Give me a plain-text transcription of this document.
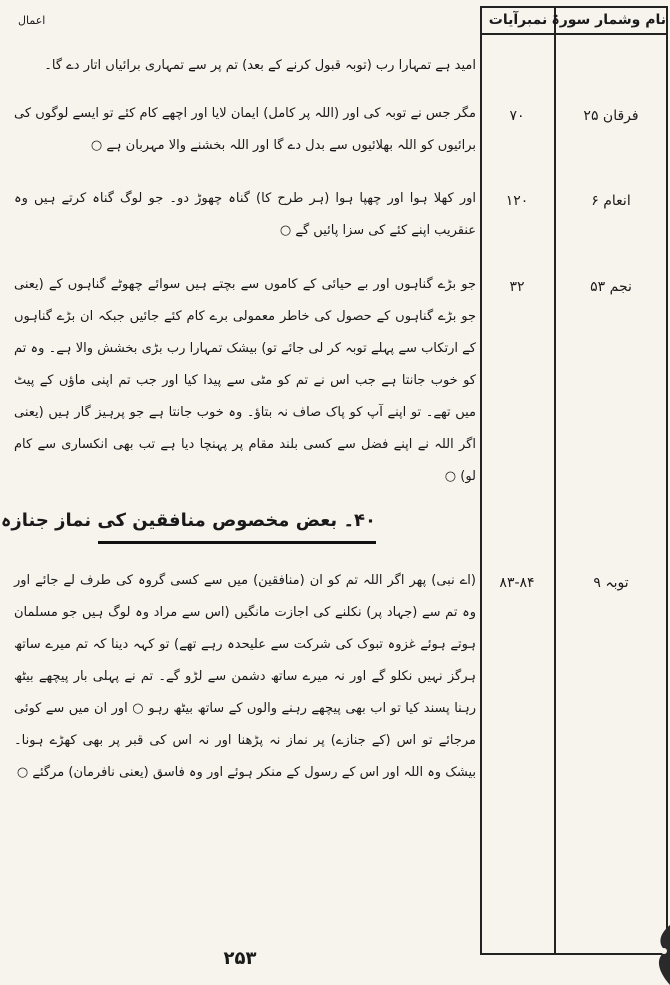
نام وشمار سورۃ
نمبرآیات
اعمال
امید ہے تمہارا رب (توبہ قبول کرنے کے بعد) تم پر سے تمہاری برائیاں اتار دے گا۔
فرقان ۲۵
۷۰
مگر جس نے توبہ کی اور (اللہ پر کامل) ایمان لایا اور اچھے کام کئے تو ایسے لوگوں کی برائیوں کو اللہ بھلائیوں سے بدل دے گا اور اللہ بخشنے والا مہربان ہے ○
انعام ۶
۱۲۰
اور کھلا ہوا اور چھپا ہوا (ہر طرح کا) گناہ چھوڑ دو۔ جو لوگ گناہ کرتے ہیں وہ عنقریب اپنے کئے کی سزا پائیں گے ○
نجم ۵۳
۳۲
جو بڑے گناہوں اور بے حیائی کے کاموں سے بچتے ہیں سوائے چھوٹے گناہوں کے (یعنی جو بڑے گناہوں کے حصول کی خاطر معمولی برے کام کئے جائیں جبکہ ان بڑے گناہوں کے ارتکاب سے پہلے توبہ کر لی جائے تو) بیشک تمہارا رب بڑی بخشش والا ہے۔ وہ تم کو خوب جانتا ہے جب اس نے تم کو مٹی سے پیدا کیا اور جب تم اپنی ماؤں کے پیٹ میں تھے۔ تو اپنے آپ کو پاک صاف نہ بتاؤ۔ وہ خوب جانتا ہے جو پرہیز گار ہیں (یعنی اگر اللہ نے اپنے فضل سے کسی بلند مقام پر پہنچا دیا ہے تب بھی انکساری سے کام لو) ○
۴۰۔ بعض مخصوص منافقین کی نماز جنازہ
توبہ ۹
۸۳-۸۴
(اے نبی) پھر اگر اللہ تم کو ان (منافقین) میں سے کسی گروہ کی طرف لے جائے اور وہ تم سے (جہاد پر) نکلنے کی اجازت مانگیں (اس سے مراد وہ لوگ ہیں جو مسلمان ہوتے ہوئے غزوہ تبوک کی شرکت سے علیحدہ رہے تھے) تو کہہ دینا کہ تم میرے ساتھ ہرگز نہیں نکلو گے اور نہ میرے ساتھ دشمن سے لڑو گے۔ تم نے پہلی بار پیچھے بیٹھ رہنا پسند کیا تو اب بھی پیچھے رہنے والوں کے ساتھ بیٹھ رہو ○ اور ان میں سے کوئی مرجائے تو اس (کے جنازے) پر نماز نہ پڑھنا اور نہ اس کی قبر پر بھی کھڑے ہونا۔ بیشک وہ اللہ اور اس کے رسول کے منکر ہوئے اور وہ فاسق (یعنی نافرمان) مرگئے ○
۲۵۳
